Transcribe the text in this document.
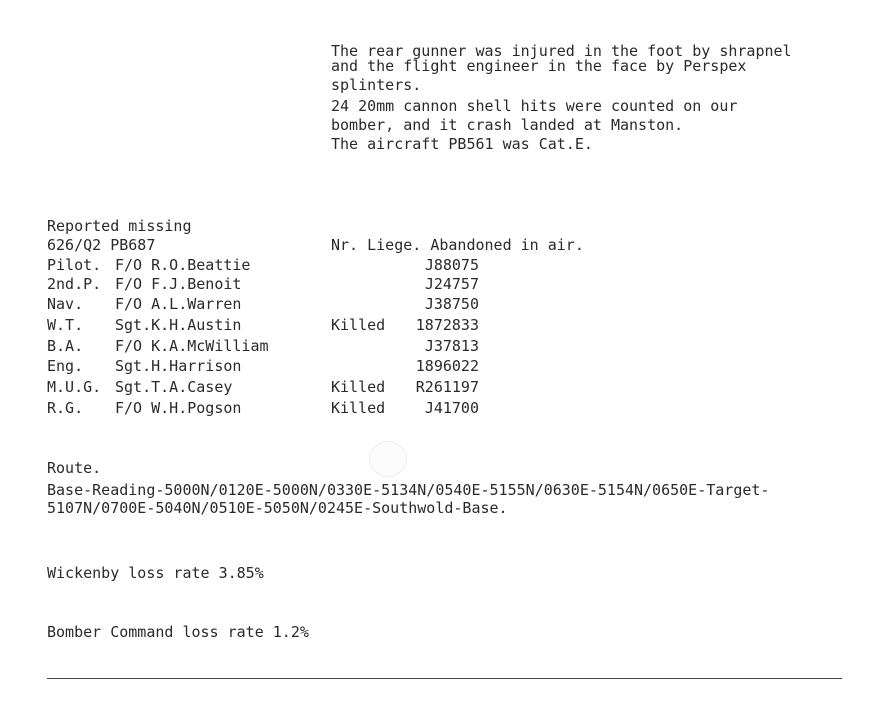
The rear gunner was injured in the foot by shrapnel
and the flight engineer in the face by Perspex
splinters.
24 20mm cannon shell hits were counted on our
bomber, and it crash landed at Manston.
The aircraft PB561 was Cat.E.
Reported missing
626/Q2 PB687	Nr. Liege. Abandoned in air.
Pilot. F/O R.O.Beattie	J88075
2nd.P. F/O F.J.Benoit	J24757
Nav. F/O A.L.Warren	J38750
W.T. Sgt.K.H.Austin	Killed 1872833
B.A. F/O K.A.McWilliam	J37813
Eng. Sgt.H.Harrison	1896022
M.U.G. Sgt.T.A.Casey	Killed R261197
R.G. F/O W.H.Pogson	Killed	J41700
Route.
Base-Reading-5000N/0120E-5000N/0330E-5134N/0540E-5155N/0630E-5154N/0650E-Target-
5107N/0700E-5040N/0510E-5050N/0245E-Southwold-Base.
Wickenby loss rate 3.85%
Bomber Command loss rate 1.2%
